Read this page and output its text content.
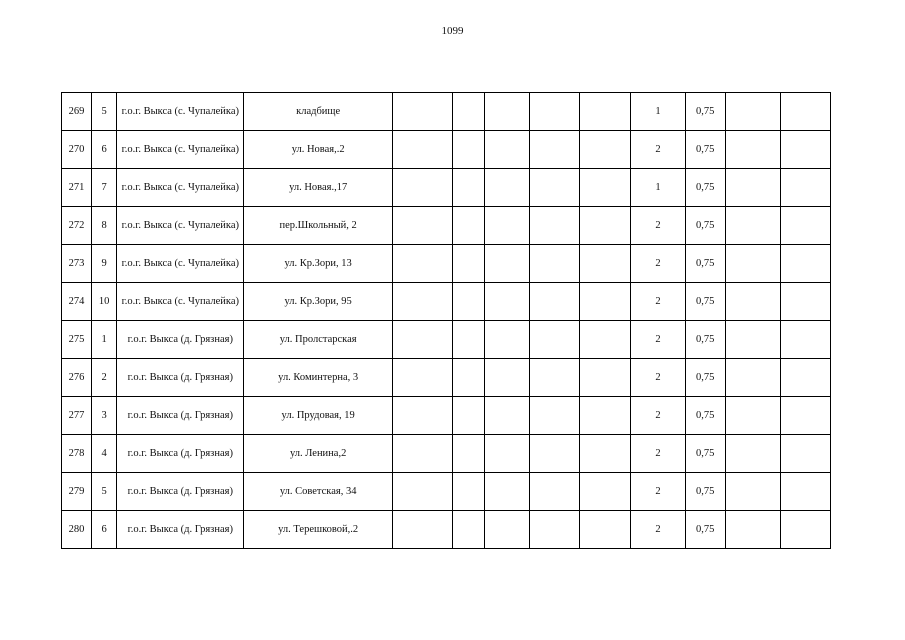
1099
269	5	г.о.г. Выкса (с. Чупалейка)	кладбище						1	0,75		
270	6	г.о.г. Выкса (с. Чупалейка)	ул. Новая,.2						2	0,75		
271	7	г.о.г. Выкса (с. Чупалейка)	ул. Новая.,17						1	0,75		
272	8	г.о.г. Выкса (с. Чупалейка)	пер.Школьный, 2						2	0,75		
273	9	г.о.г. Выкса (с. Чупалейка)	ул. Кр.Зори, 13						2	0,75		
274	10	г.о.г. Выкса (с. Чупалейка)	ул. Кр.Зори, 95						2	0,75		
275	1	г.о.г. Выкса (д. Грязная)	ул. Пролстарская						2	0,75		
276	2	г.о.г. Выкса (д. Грязная)	ул. Коминтерна, 3						2	0,75		
277	3	г.о.г. Выкса (д. Грязная)	ул. Прудовая, 19						2	0,75		
278	4	г.о.г. Выкса (д. Грязная)	ул. Ленина,2						2	0,75		
279	5	г.о.г. Выкса (д. Грязная)	ул. Советская, 34						2	0,75		
280	6	г.о.г. Выкса (д. Грязная)	ул. Терешковой,.2						2	0,75		
